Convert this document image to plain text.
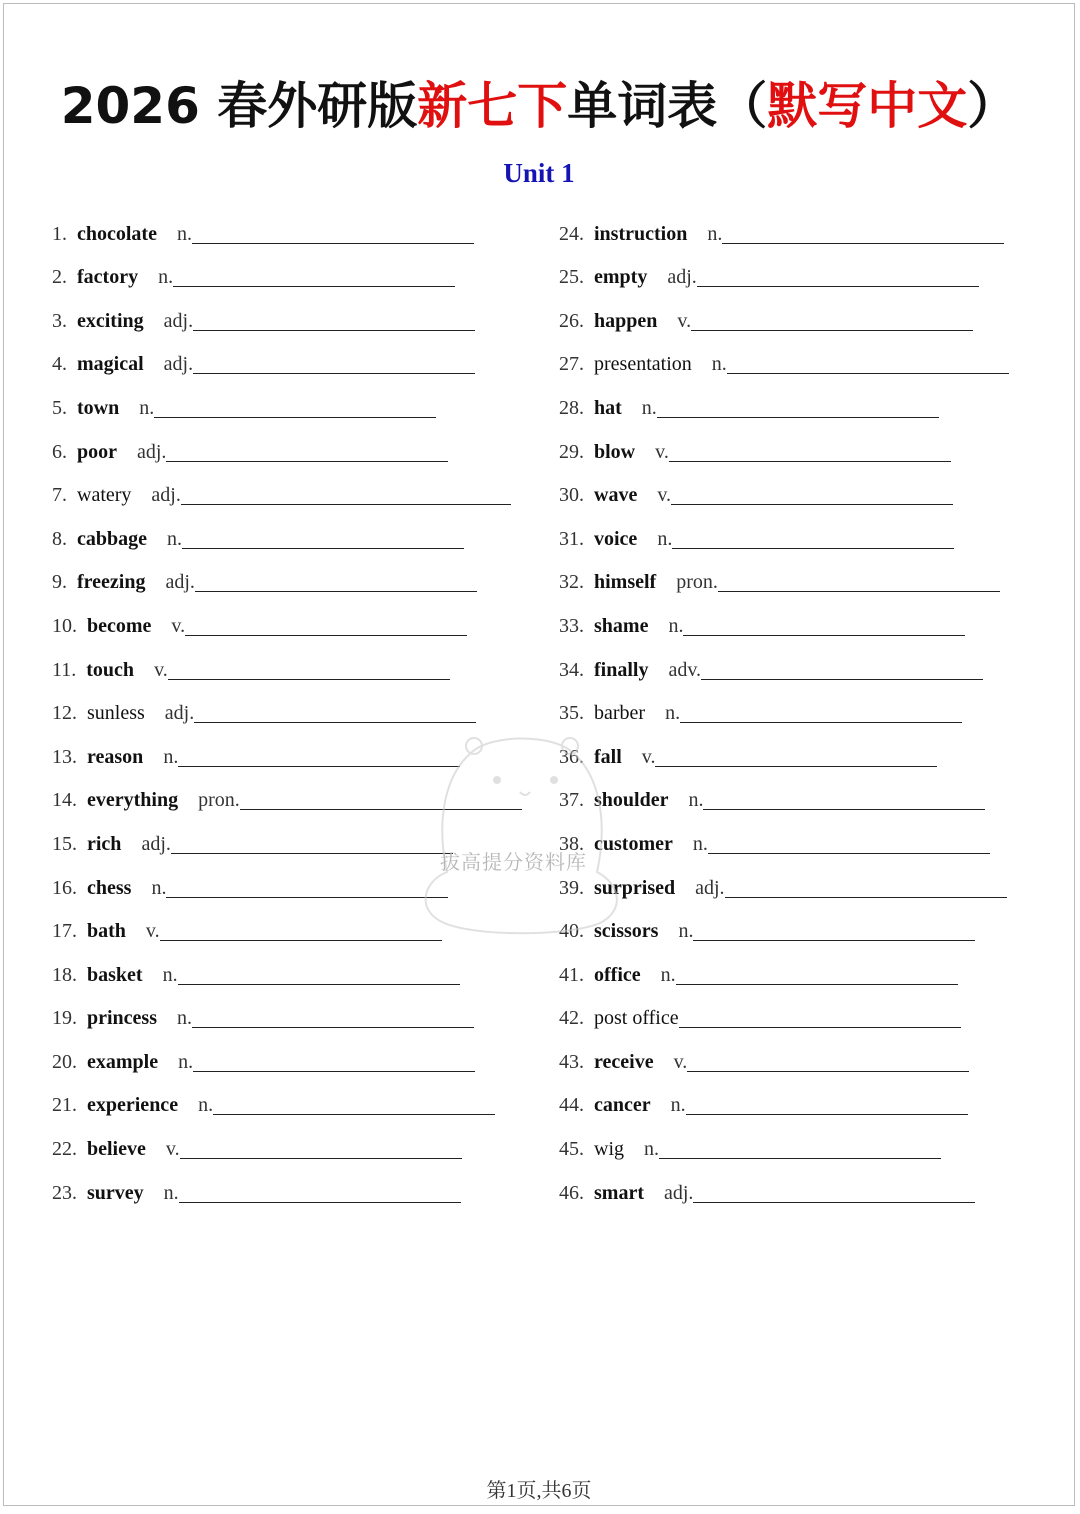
2026 春外研版新七下单词表（默写中文）
Unit 1
1. chocolate n.
2. factory n.
3. exciting adj.
4. magical adj.
5. town n.
6. poor adj.
7. watery adj.
8. cabbage n.
9. freezing adj.
10. become v.
11. touch v.
12. sunless adj.
13. reason n.
14. everything pron.
15. rich adj.
16. chess n.
17. bath v.
18. basket n.
19. princess n.
20. example n.
21. experience n.
22. believe v.
23. survey n.
24. instruction n.
25. empty adj.
26. happen v.
27. presentation n.
28. hat n.
29. blow v.
30. wave v.
31. voice n.
32. himself pron.
33. shame n.
34. finally adv.
35. barber n.
36. fall v.
37. shoulder n.
38. customer n.
39. surprised adj.
40. scissors n.
41. office n.
42. post office
43. receive v.
44. cancer n.
45. wig n.
46. smart adj.
拔高提分资料库
第1页,共6页
